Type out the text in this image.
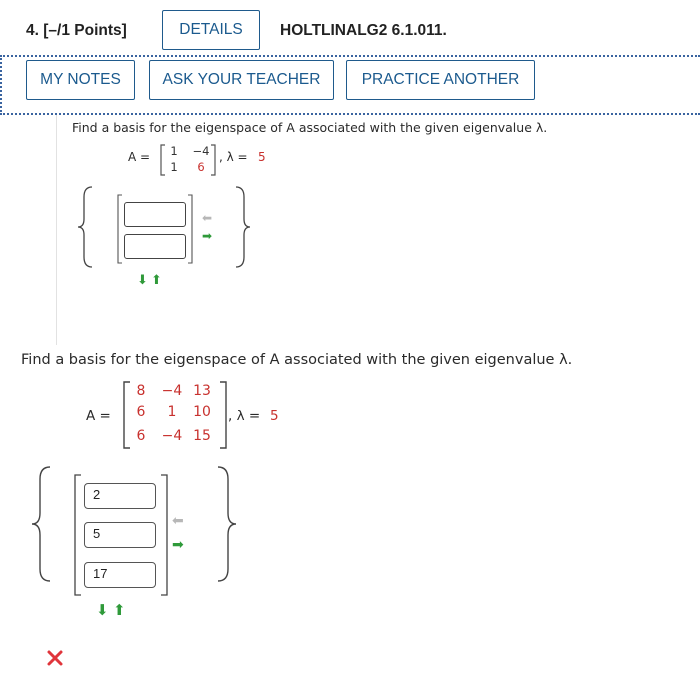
4. [–/1 Points]	DETAILS	HOLTLINALG2 6.1.011.
MY NOTES	ASK YOUR TEACHER	PRACTICE ANOTHER
Find a basis for the eigenspace of A associated with the given eigenvalue λ.
A =	1	−4
1	6
, λ = 5
⬅
➡
⬇ ⬆
Find a basis for the eigenspace of A associated with the given eigenvalue λ.
A =
8	−4 13
6	1	10
6	−4 15
, λ = 5
2
5
17
⬅
➡
⬇ ⬆
